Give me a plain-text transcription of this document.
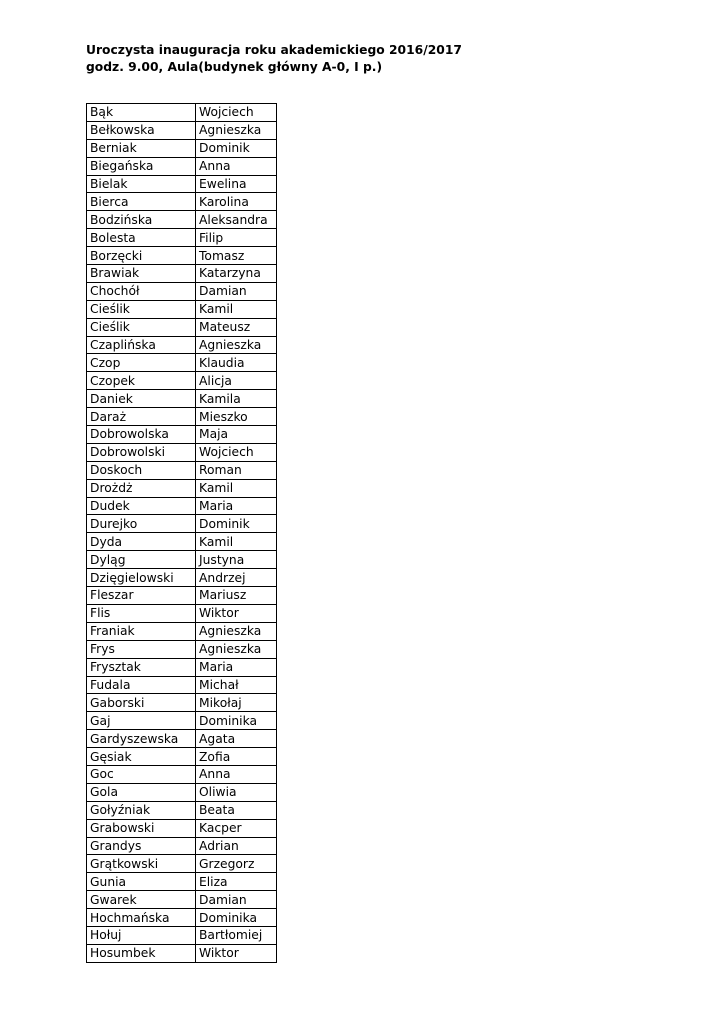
Uroczysta inauguracja roku akademickiego 2016/2017
godz. 9.00, Aula(budynek główny A-0, I p.)
Bąk	Wojciech
Bełkowska	Agnieszka
Berniak	Dominik
Biegańska	Anna
Bielak	Ewelina
Bierca	Karolina
Bodzińska	Aleksandra
Bolesta	Filip
Borzęcki	Tomasz
Brawiak	Katarzyna
Chochół	Damian
Cieślik	Kamil
Cieślik	Mateusz
Czaplińska	Agnieszka
Czop	Klaudia
Czopek	Alicja
Daniek	Kamila
Daraż	Mieszko
Dobrowolska	Maja
Dobrowolski	Wojciech
Doskoch	Roman
Drożdż	Kamil
Dudek	Maria
Durejko	Dominik
Dyda	Kamil
Dyląg	Justyna
Dzięgielowski	Andrzej
Fleszar	Mariusz
Flis	Wiktor
Franiak	Agnieszka
Frys	Agnieszka
Frysztak	Maria
Fudala	Michał
Gaborski	Mikołaj
Gaj	Dominika
Gardyszewska	Agata
Gęsiak	Zofia
Goc	Anna
Gola	Oliwia
Gołyźniak	Beata
Grabowski	Kacper
Grandys	Adrian
Grątkowski	Grzegorz
Gunia	Eliza
Gwarek	Damian
Hochmańska	Dominika
Hołuj	Bartłomiej
Hosumbek	Wiktor
